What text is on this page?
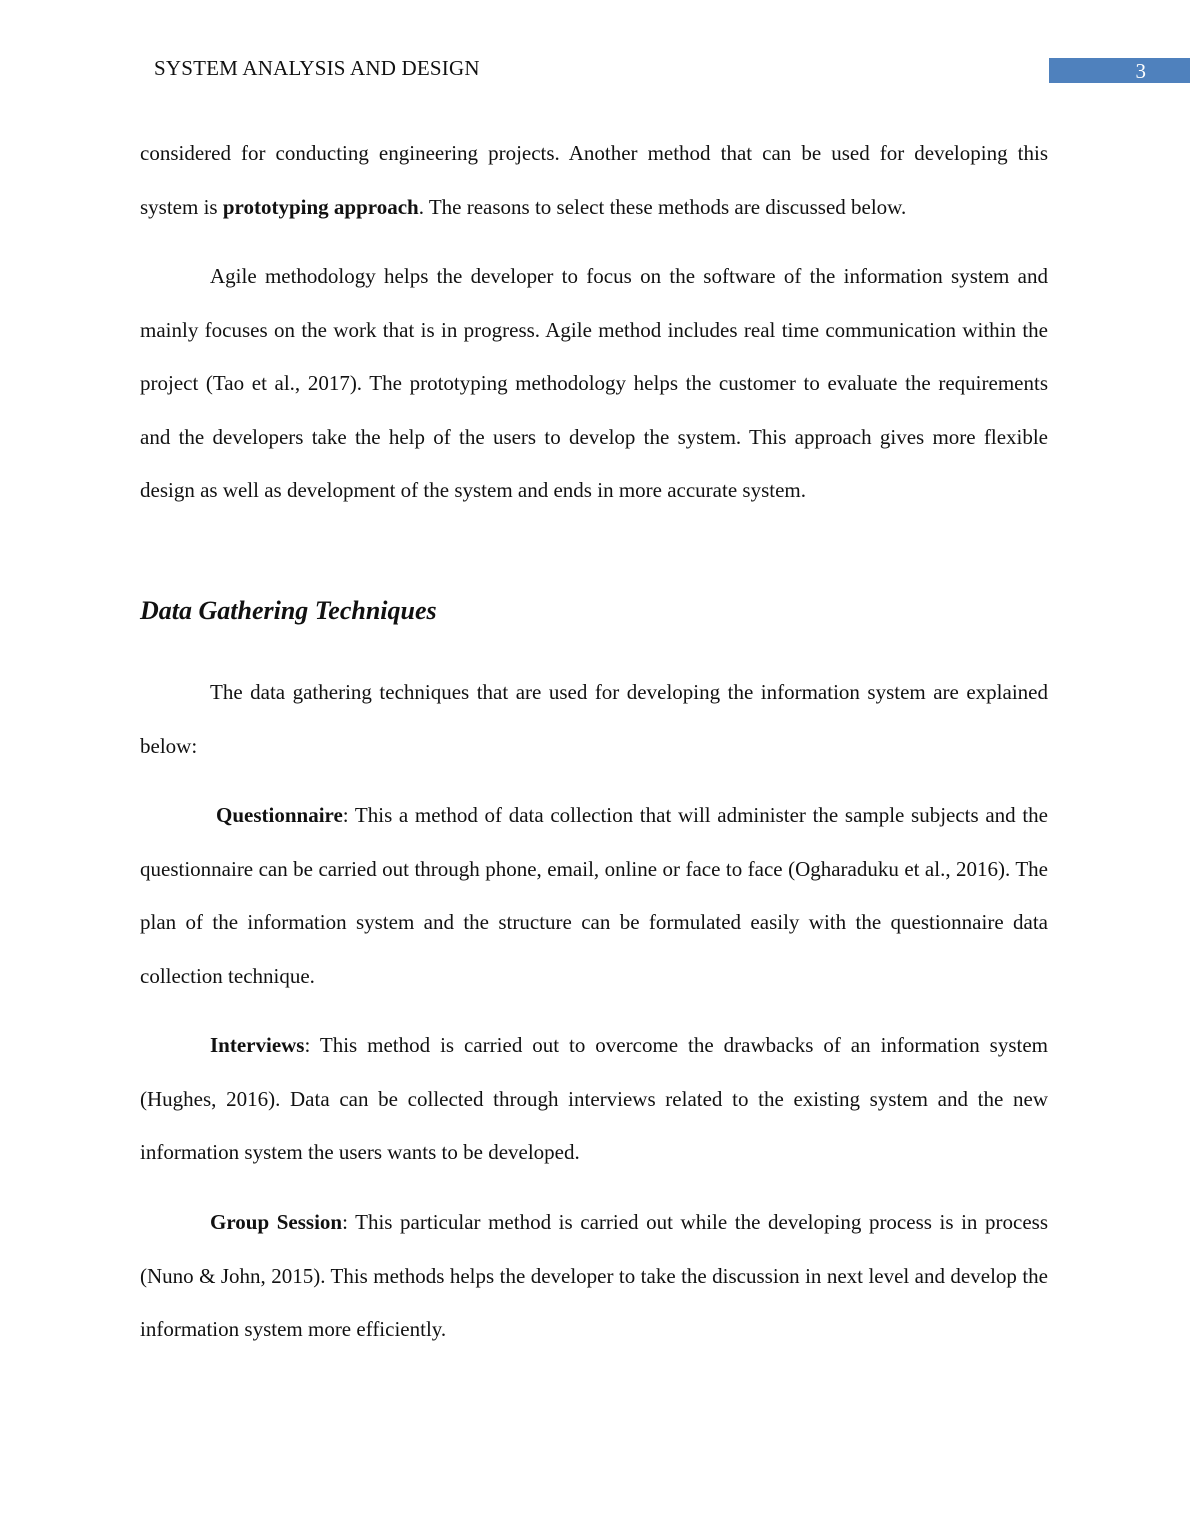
SYSTEM ANALYSIS AND DESIGN	3

considered for conducting engineering projects. Another method that can be used for developing this system is prototyping approach. The reasons to select these methods are discussed below.

Agile methodology helps the developer to focus on the software of the information system and mainly focuses on the work that is in progress. Agile method includes real time communication within the project (Tao et al., 2017). The prototyping methodology helps the customer to evaluate the requirements and the developers take the help of the users to develop the system. This approach gives more flexible design as well as development of the system and ends in more accurate system.

Data Gathering Techniques

The data gathering techniques that are used for developing the information system are explained below:

Questionnaire: This a method of data collection that will administer the sample subjects and the questionnaire can be carried out through phone, email, online or face to face (Ogharaduku et al., 2016). The plan of the information system and the structure can be formulated easily with the questionnaire data collection technique.

Interviews: This method is carried out to overcome the drawbacks of an information system (Hughes, 2016). Data can be collected through interviews related to the existing system and the new information system the users wants to be developed.

Group Session: This particular method is carried out while the developing process is in process (Nuno & John, 2015). This methods helps the developer to take the discussion in next level and develop the information system more efficiently.
